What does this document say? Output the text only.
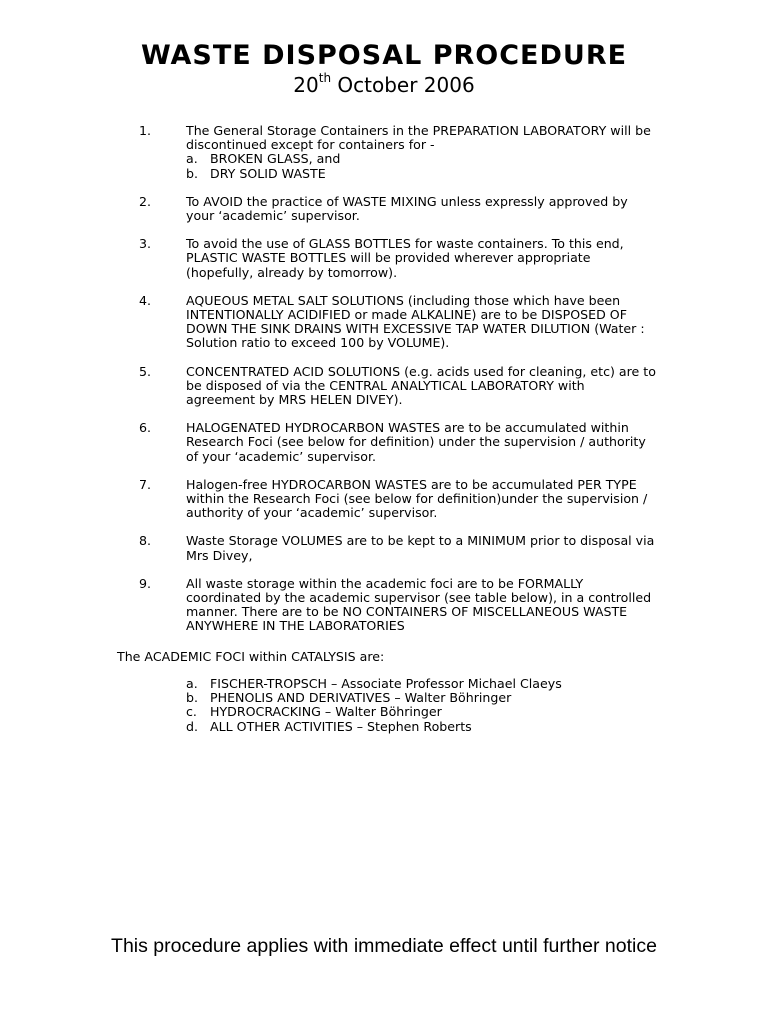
WASTE DISPOSAL PROCEDURE
20th October 2006
1.	The General Storage Containers in the PREPARATION LABORATORY will be discontinued except for containers for -
a. BROKEN GLASS, and
b. DRY SOLID WASTE
2.	To AVOID the practice of WASTE MIXING unless expressly approved by your ‘academic’ supervisor.
3.	To avoid the use of GLASS BOTTLES for waste containers. To this end, PLASTIC WASTE BOTTLES will be provided wherever appropriate (hopefully, already by tomorrow).
4.	AQUEOUS METAL SALT SOLUTIONS (including those which have been INTENTIONALLY ACIDIFIED or made ALKALINE) are to be DISPOSED OF DOWN THE SINK DRAINS WITH EXCESSIVE TAP WATER DILUTION (Water : Solution ratio to exceed 100 by VOLUME).
5.	CONCENTRATED ACID SOLUTIONS (e.g. acids used for cleaning, etc) are to be disposed of via the CENTRAL ANALYTICAL LABORATORY with agreement by MRS HELEN DIVEY).
6.	HALOGENATED HYDROCARBON WASTES are to be accumulated within Research Foci (see below for definition) under the supervision / authority of your ‘academic’ supervisor.
7.	Halogen-free HYDROCARBON WASTES are to be accumulated PER TYPE within the Research Foci (see below for definition)under the supervision / authority of your ‘academic’ supervisor.
8.	Waste Storage VOLUMES are to be kept to a MINIMUM prior to disposal via Mrs Divey,
9.	All waste storage within the academic foci are to be FORMALLY coordinated by the academic supervisor (see table below), in a controlled manner. There are to be NO CONTAINERS OF MISCELLANEOUS WASTE ANYWHERE IN THE LABORATORIES
The ACADEMIC FOCI within CATALYSIS are:
a. FISCHER-TROPSCH – Associate Professor Michael Claeys
b. PHENOLIS AND DERIVATIVES – Walter Böhringer
c.	HYDROCRACKING – Walter Böhringer
d. ALL OTHER ACTIVITIES – Stephen Roberts
This procedure applies with immediate effect until further notice
